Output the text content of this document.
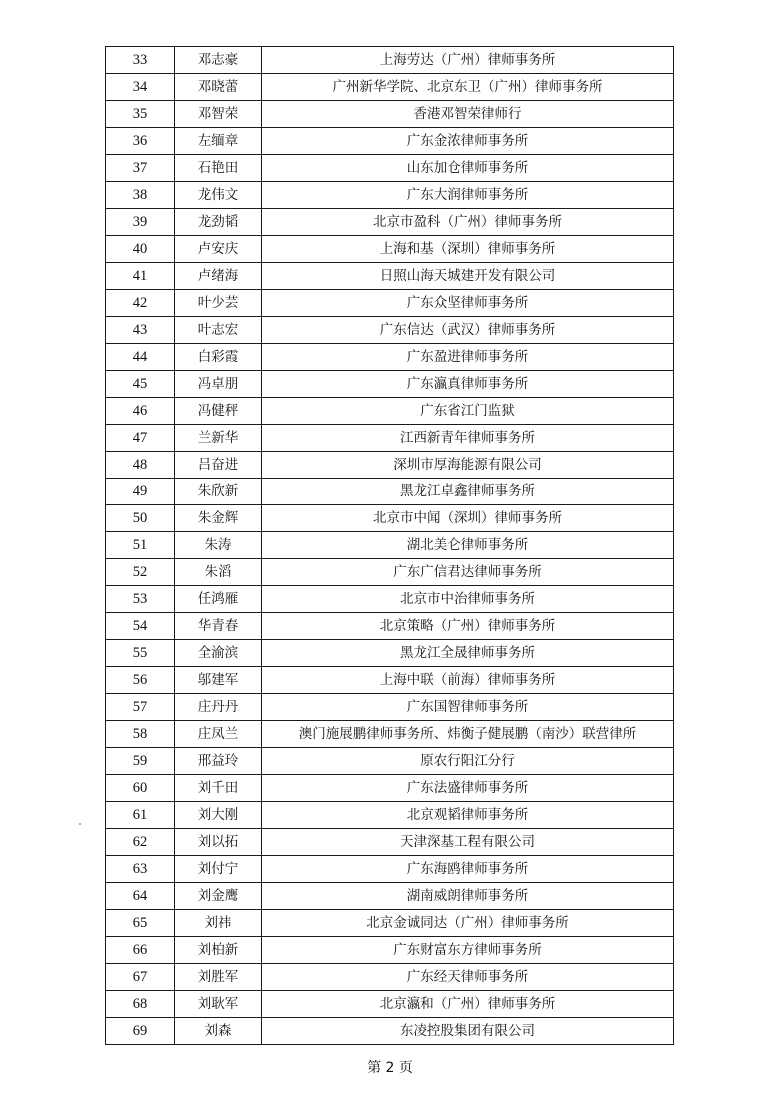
33	邓志豪	上海劳达（广州）律师事务所
34	邓晓蕾	广州新华学院、北京东卫（广州）律师事务所
35	邓智荣	香港邓智荣律师行
36	左缅章	广东金浓律师事务所
37	石艳田	山东加仓律师事务所
38	龙伟文	广东大润律师事务所
39	龙劲韬	北京市盈科（广州）律师事务所
40	卢安庆	上海和基（深圳）律师事务所
41	卢绪海	日照山海天城建开发有限公司
42	叶少芸	广东众坚律师事务所
43	叶志宏	广东信达（武汉）律师事务所
44	白彩霞	广东盈进律师事务所
45	冯卓朋	广东瀛真律师事务所
46	冯健秤	广东省江门监狱
47	兰新华	江西新青年律师事务所
48	吕奋进	深圳市厚海能源有限公司
49	朱欣新	黑龙江卓鑫律师事务所
50	朱金辉	北京市中闻（深圳）律师事务所
51	朱涛	湖北美仑律师事务所
52	朱滔	广东广信君达律师事务所
53	任鸿雁	北京市中治律师事务所
54	华青春	北京策略（广州）律师事务所
55	全渝滨	黑龙江全晟律师事务所
56	邬建军	上海中联（前海）律师事务所
57	庄丹丹	广东国智律师事务所
58	庄凤兰	澳门施展鹏律师事务所、炜衡子健展鹏（南沙）联营律所
59	邢益玲	原农行阳江分行
60	刘千田	广东法盛律师事务所
61	刘大刚	北京观韬律师事务所
62	刘以拓	天津深基工程有限公司
63	刘付宁	广东海鸥律师事务所
64	刘金鹰	湖南威朗律师事务所
65	刘祎	北京金诚同达（广州）律师事务所
66	刘柏新	广东财富东方律师事务所
67	刘胜军	广东经天律师事务所
68	刘耿军	北京瀛和（广州）律师事务所
69	刘森	东凌控股集团有限公司
第 2 页
